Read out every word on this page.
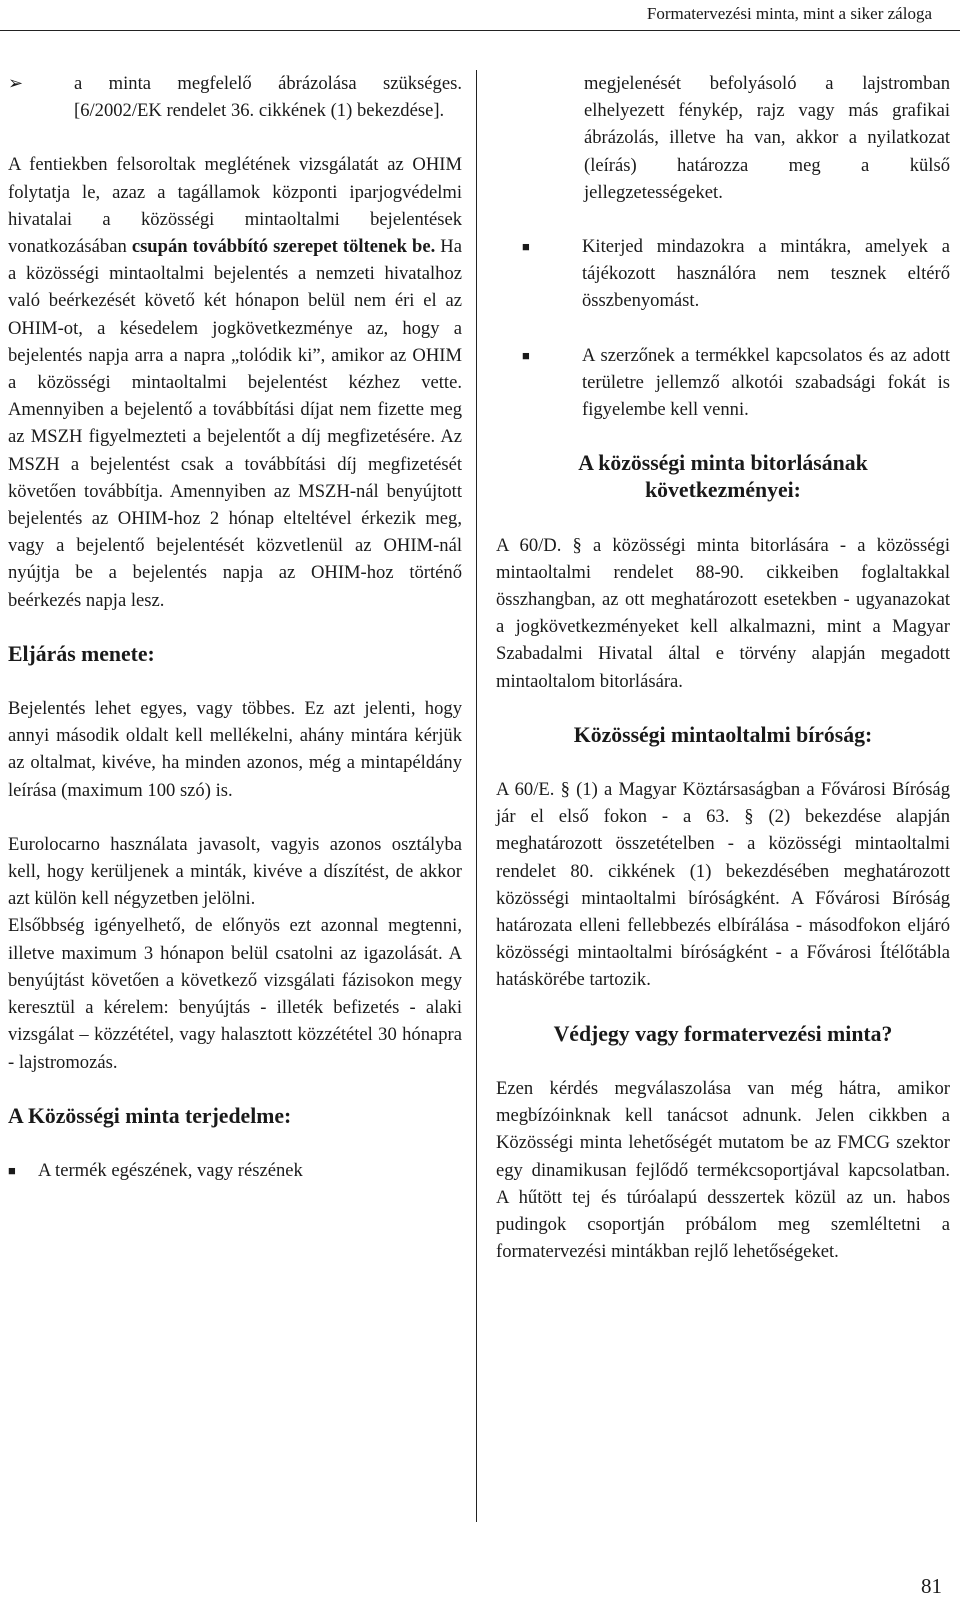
Formatervezési minta, mint a siker záloga
➢	a minta megfelelő ábrázolása szükséges. [6/2002/EK rendelet 36. cikkének (1) bekezdése].

A fentiekben felsoroltak meglétének vizsgálatát az OHIM folytatja le, azaz a tagállamok központi iparjogvédelmi hivatalai a közösségi mintaoltalmi bejelentések vonatkozásában csupán továbbító szerepet töltenek be. Ha a közösségi mintaoltalmi bejelentés a nemzeti hivatalhoz való beérkezését követő két hónapon belül nem éri el az OHIM-ot, a késedelem jogkövetkezménye az, hogy a bejelentés napja arra a napra „tolódik ki”, amikor az OHIM a közösségi mintaoltalmi bejelentést kézhez vette. Amennyiben a bejelentő a továbbítási díjat nem fizette meg az MSZH figyelmezteti a bejelentőt a díj megfizetésére. Az MSZH a bejelentést csak a továbbítási díj megfizetését követően továbbítja. Amennyiben az MSZH-nál benyújtott bejelentés az OHIM-hoz 2 hónap elteltével érkezik meg, vagy a bejelentő bejelentését közvetlenül az OHIM-nál nyújtja be a bejelentés napja az OHIM-hoz történő beérkezés napja lesz.

Eljárás menete:

Bejelentés lehet egyes, vagy többes. Ez azt jelenti, hogy annyi második oldalt kell mellékelni, ahány mintára kérjük az oltalmat, kivéve, ha minden azonos, még a mintapéldány leírása (maximum 100 szó) is.

Eurolocarno használata javasolt, vagyis azonos osztályba kell, hogy kerüljenek a minták, kivéve a díszítést, de akkor azt külön kell négyzetben jelölni.

Elsőbbség igényelhető, de előnyös ezt azonnal megtenni, illetve maximum 3 hónapon belül csatolni az igazolását. A benyújtást követően a következő vizsgálati fázisokon megy keresztül a kérelem: benyújtás - illeték befizetés - alaki vizsgálat – közzététel, vagy halasztott közzététel 30 hónapra - lajstromozás.

A Közösségi minta terjedelme:
■	A termék egészének, vagy részének

megjelenését befolyásoló a lajstromban elhelyezett fénykép, rajz vagy más grafikai ábrázolás, illetve ha van, akkor a nyilatkozat (leírás) határozza meg a külső jellegzetességeket.

■	Kiterjed mindazokra a mintákra, amelyek a tájékozott használóra nem tesznek eltérő összbenyomást.
■	A szerzőnek a termékkel kapcsolatos és az adott területre jellemző alkotói szabadsági fokát is figyelembe kell venni.
A közösségi minta bitorlásának következményei:

A 60/D. § a közösségi minta bitorlására - a közösségi mintaoltalmi rendelet 88-90. cikkeiben foglaltakkal összhangban, az ott meghatározott esetekben - ugyanazokat a jogkövetkezményeket kell alkalmazni, mint a Magyar Szabadalmi Hivatal által e törvény alapján megadott mintaoltalom bitorlására.

Közösségi mintaoltalmi bíróság:

A 60/E. § (1) a Magyar Köztársaságban a Fővárosi Bíróság jár el első fokon - a 63. § (2) bekezdése alapján meghatározott összetételben - a közösségi mintaoltalmi rendelet 80. cikkének (1) bekezdésében meghatározott közösségi mintaoltalmi bíróságként. A Fővárosi Bíróság határozata elleni fellebbezés elbírálása - másodfokon eljáró közösségi mintaoltalmi bíróságként - a Fővárosi Ítélőtábla hatáskörébe tartozik.

Védjegy vagy formatervezési minta?

Ezen kérdés megválaszolása van még hátra, amikor megbízóinknak kell tanácsot adnunk. Jelen cikkben a Közösségi minta lehetőségét mutatom be az FMCG szektor egy dinamikusan fejlődő termékcsoportjával kapcsolatban. A hűtött tej és túróalapú desszertek közül az un. habos pudingok csoportján próbálom meg szemléltetni a formatervezési mintákban rejlő lehetőségeket.

81
